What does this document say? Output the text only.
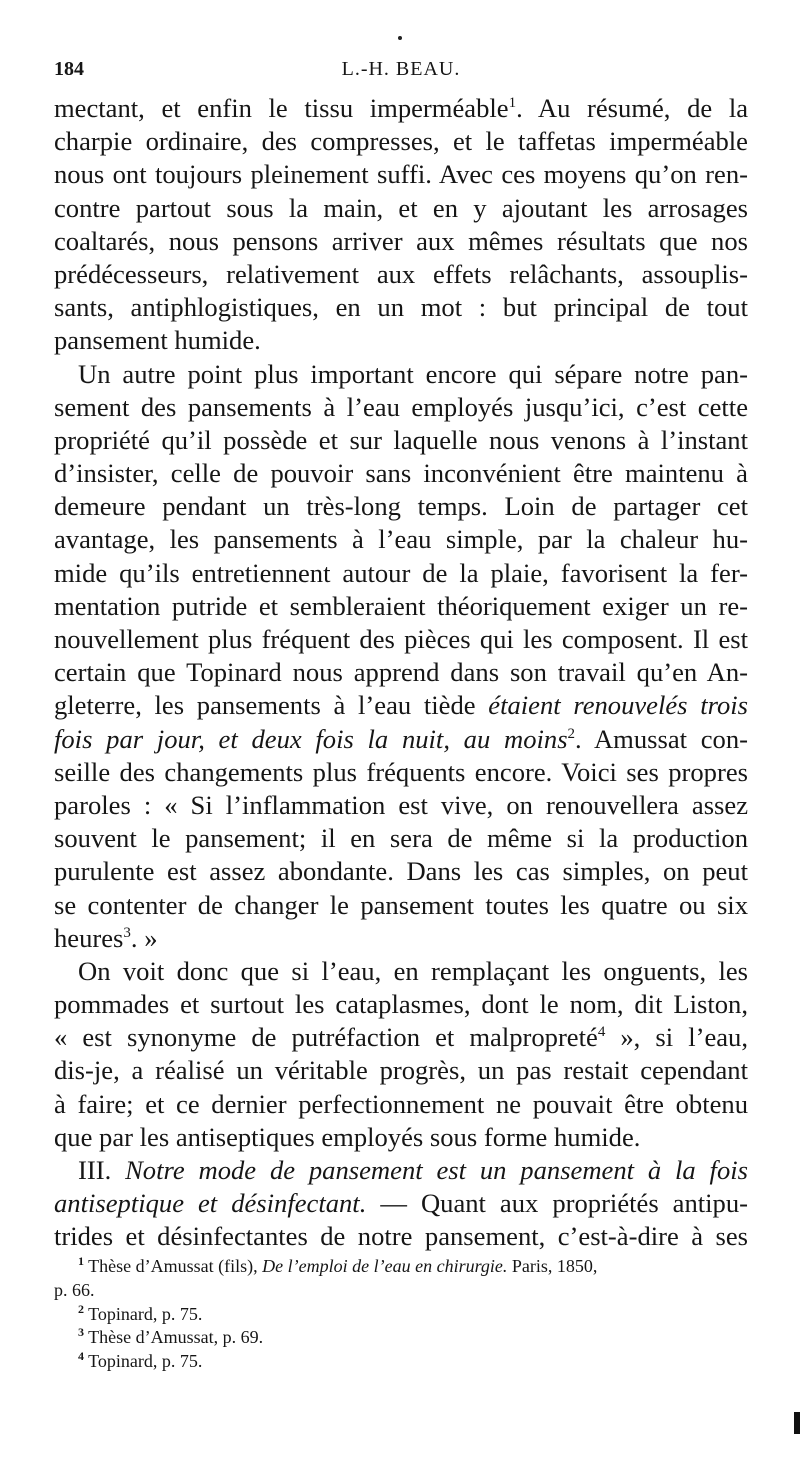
184	L.-H. BEAU.
mectant, et enfin le tissu imperméable$^1$. Au résumé, de la
charpie ordinaire, des compresses, et le taffetas imperméable
nous ont toujours pleinement suffi. Avec ces moyens qu’on ren-
contre partout sous la main, et en y ajoutant les arrosages
coaltarés, nous pensons arriver aux mêmes résultats que nos
prédécesseurs, relativement aux effets relâchants, assouplis-
sants, antiphlogistiques, en un mot : but principal de tout
pansement humide.
Un autre point plus important encore qui sépare notre pan-
sement des pansements à l’eau employés jusqu’ici, c’est cette
propriété qu’il possède et sur laquelle nous venons à l’instant
d’insister, celle de pouvoir sans inconvénient être maintenu à
demeure pendant un très-long temps. Loin de partager cet
avantage, les pansements à l’eau simple, par la chaleur hu-
mide qu’ils entretiennent autour de la plaie, favorisent la fer-
mentation putride et sembleraient théoriquement exiger un re-
nouvellement plus fréquent des pièces qui les composent. Il est
certain que Topinard nous apprend dans son travail qu’en An-
gleterre, les pansements à l’eau tiède étaient renouvelés trois
fois par jour, et deux fois la nuit, au moins$^2$. Amussat con-
seille des changements plus fréquents encore. Voici ses propres
paroles : « Si l’inflammation est vive, on renouvellera assez
souvent le pansement; il en sera de même si la production
purulente est assez abondante. Dans les cas simples, on peut
se contenter de changer le pansement toutes les quatre ou six
heures$^3$. »
On voit donc que si l’eau, en remplaçant les onguents, les
pommades et surtout les cataplasmes, dont le nom, dit Liston,
« est synonyme de putréfaction et malpropreté$^4$ », si l’eau,
dis-je, a réalisé un véritable progrès, un pas restait cependant
à faire; et ce dernier perfectionnement ne pouvait être obtenu
que par les antiseptiques employés sous forme humide.
III. Notre mode de pansement est un pansement à la fois
antiseptique et désinfectant. — Quant aux propriétés antipu-
trides et désinfectantes de notre pansement, c’est-à-dire à ses
$^1$ Thèse d’Amussat (fils), De l’emploi de l’eau en chirurgie. Paris, 1850,
p. 66.
$^2$ Topinard, p. 75.
$^3$ Thèse d’Amussat, p. 69.
$^4$ Topinard, p. 75.
